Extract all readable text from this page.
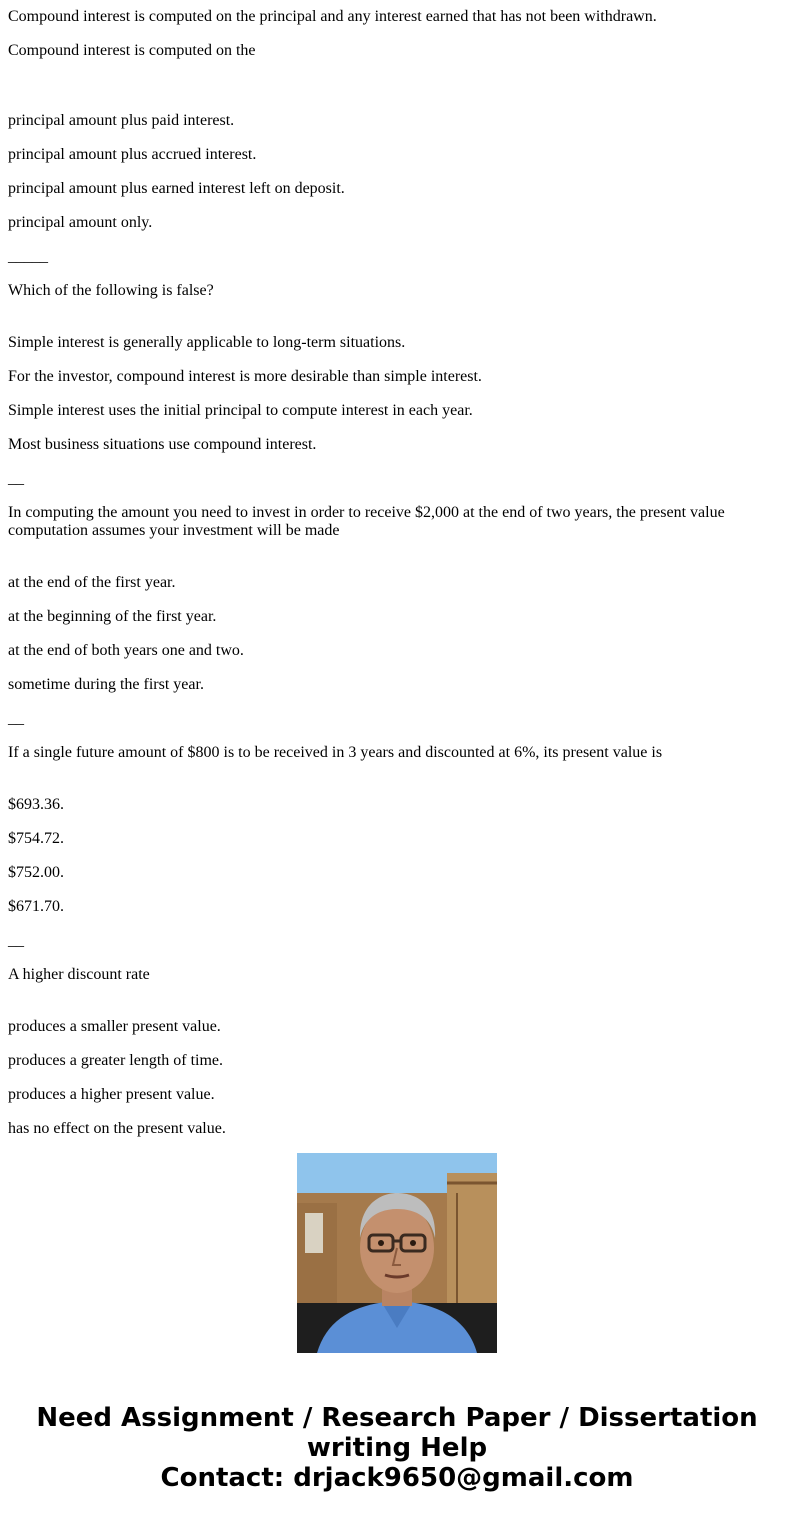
Compound interest is computed on the principal and any interest earned that has not been withdrawn.

Compound interest is computed on the

principal amount plus paid interest.

principal amount plus accrued interest.

principal amount plus earned interest left on deposit.

principal amount only.

_____

Which of the following is false?

Simple interest is generally applicable to long-term situations.

For the investor, compound interest is more desirable than simple interest.

Simple interest uses the initial principal to compute interest in each year.

Most business situations use compound interest.

__

In computing the amount you need to invest in order to receive $2,000 at the end of two years, the present value computation assumes your investment will be made

at the end of the first year.

at the beginning of the first year.

at the end of both years one and two.

sometime during the first year.

__

If a single future amount of $800 is to be received in 3 years and discounted at 6%, its present value is

$693.36.

$754.72.

$752.00.

$671.70.

__

A higher discount rate

produces a smaller present value.

produces a greater length of time.

produces a higher present value.

has no effect on the present value.

Need Assignment / Research Paper / Dissertation
writing Help
Contact: drjack9650@gmail.com
